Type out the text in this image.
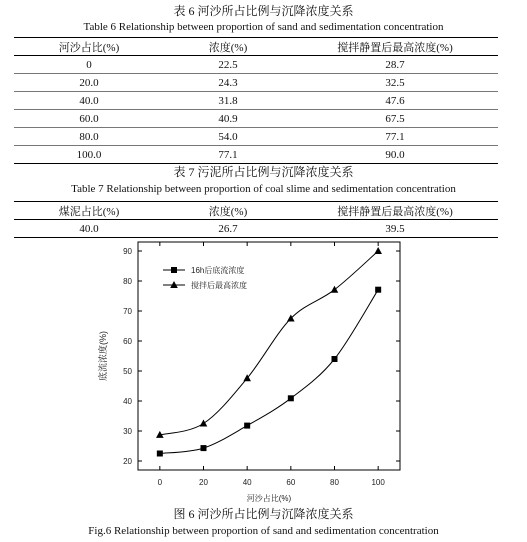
表 6 河沙所占比例与沉降浓度关系
Table 6 Relationship between proportion of sand and sedimentation concentration
河沙占比(%)	浓度(%)	搅拌静置后最高浓度(%)
0	22.5	28.7
20.0	24.3	32.5
40.0	31.8	47.6
60.0	40.9	67.5
80.0	54.0	77.1
100.0	77.1	90.0
表 7 污泥所占比例与沉降浓度关系
Table 7 Relationship between proportion of coal slime and sedimentation concentration
煤泥占比(%)	浓度(%)	搅拌静置后最高浓度(%)
40.0	26.7	39.5
0	20	40	60	80	100
20
30
40
50
60
70
80
90
河沙占比(%)
底流浓度(%)
16h后底流浓度
搅拌后最高浓度
图 6 河沙所占比例与沉降浓度关系
Fig.6 Relationship between proportion of sand and sedimentation concentration
